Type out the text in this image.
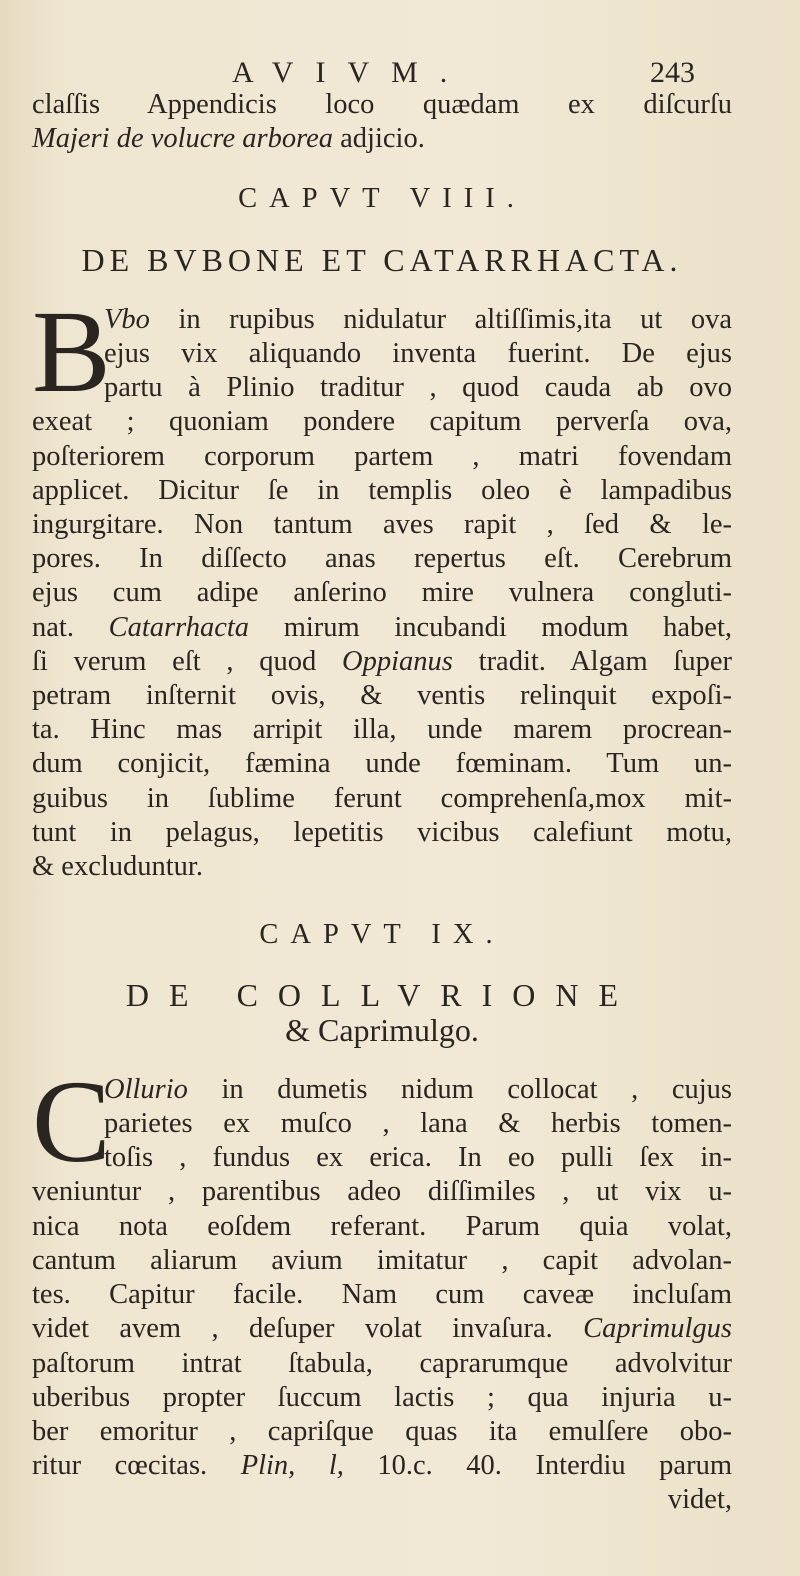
AVIVM.	243
claſſis Appendicis loco quædam ex diſcurſu
Majeri de volucre arborea adjicio.
CAPVT VIII.
DE BVBONE ET CATARRHACTA.
B
Vbo in rupibus nidulatur altiſſimis,ita ut ova
ejus vix aliquando inventa fuerint. De ejus
partu à Plinio traditur , quod cauda ab ovo
exeat ; quoniam pondere capitum perverſa ova,
poſteriorem corporum partem , matri fovendam
applicet. Dicitur ſe in templis oleo è lampadibus
ingurgitare. Non tantum aves rapit , ſed & le-
pores. In diſſecto anas repertus eſt. Cerebrum
ejus cum adipe anſerino mire vulnera congluti-
nat. Catarrhacta mirum incubandi modum habet,
ſi verum eſt , quod Oppianus tradit. Algam ſuper
petram inſternit ovis, & ventis relinquit expoſi-
ta. Hinc mas arripit illa, unde marem procrean-
dum conjicit, fæmina unde fœminam. Tum un-
guibus in ſublime ferunt comprehenſa,mox mit-
tunt in pelagus, lepetitis vicibus calefiunt motu,
& excluduntur.
CAPVT IX.
DE COLLVRIONE
& Caprimulgo.
C
Ollurio in dumetis nidum collocat , cujus
parietes ex muſco , lana & herbis tomen-
toſis , fundus ex erica. In eo pulli ſex in-
veniuntur , parentibus adeo diſſimiles , ut vix u-
nica nota eoſdem referant. Parum quia volat,
cantum aliarum avium imitatur , capit advolan-
tes. Capitur facile. Nam cum caveæ incluſam
videt avem , deſuper volat invaſura. Caprimulgus
paſtorum intrat ſtabula, caprarumque advolvitur
uberibus propter ſuccum lactis ; qua injuria u-
ber emoritur , capriſque quas ita emulſere obo-
ritur cœcitas. Plin, l, 10.c. 40. Interdiu parum
videt,
